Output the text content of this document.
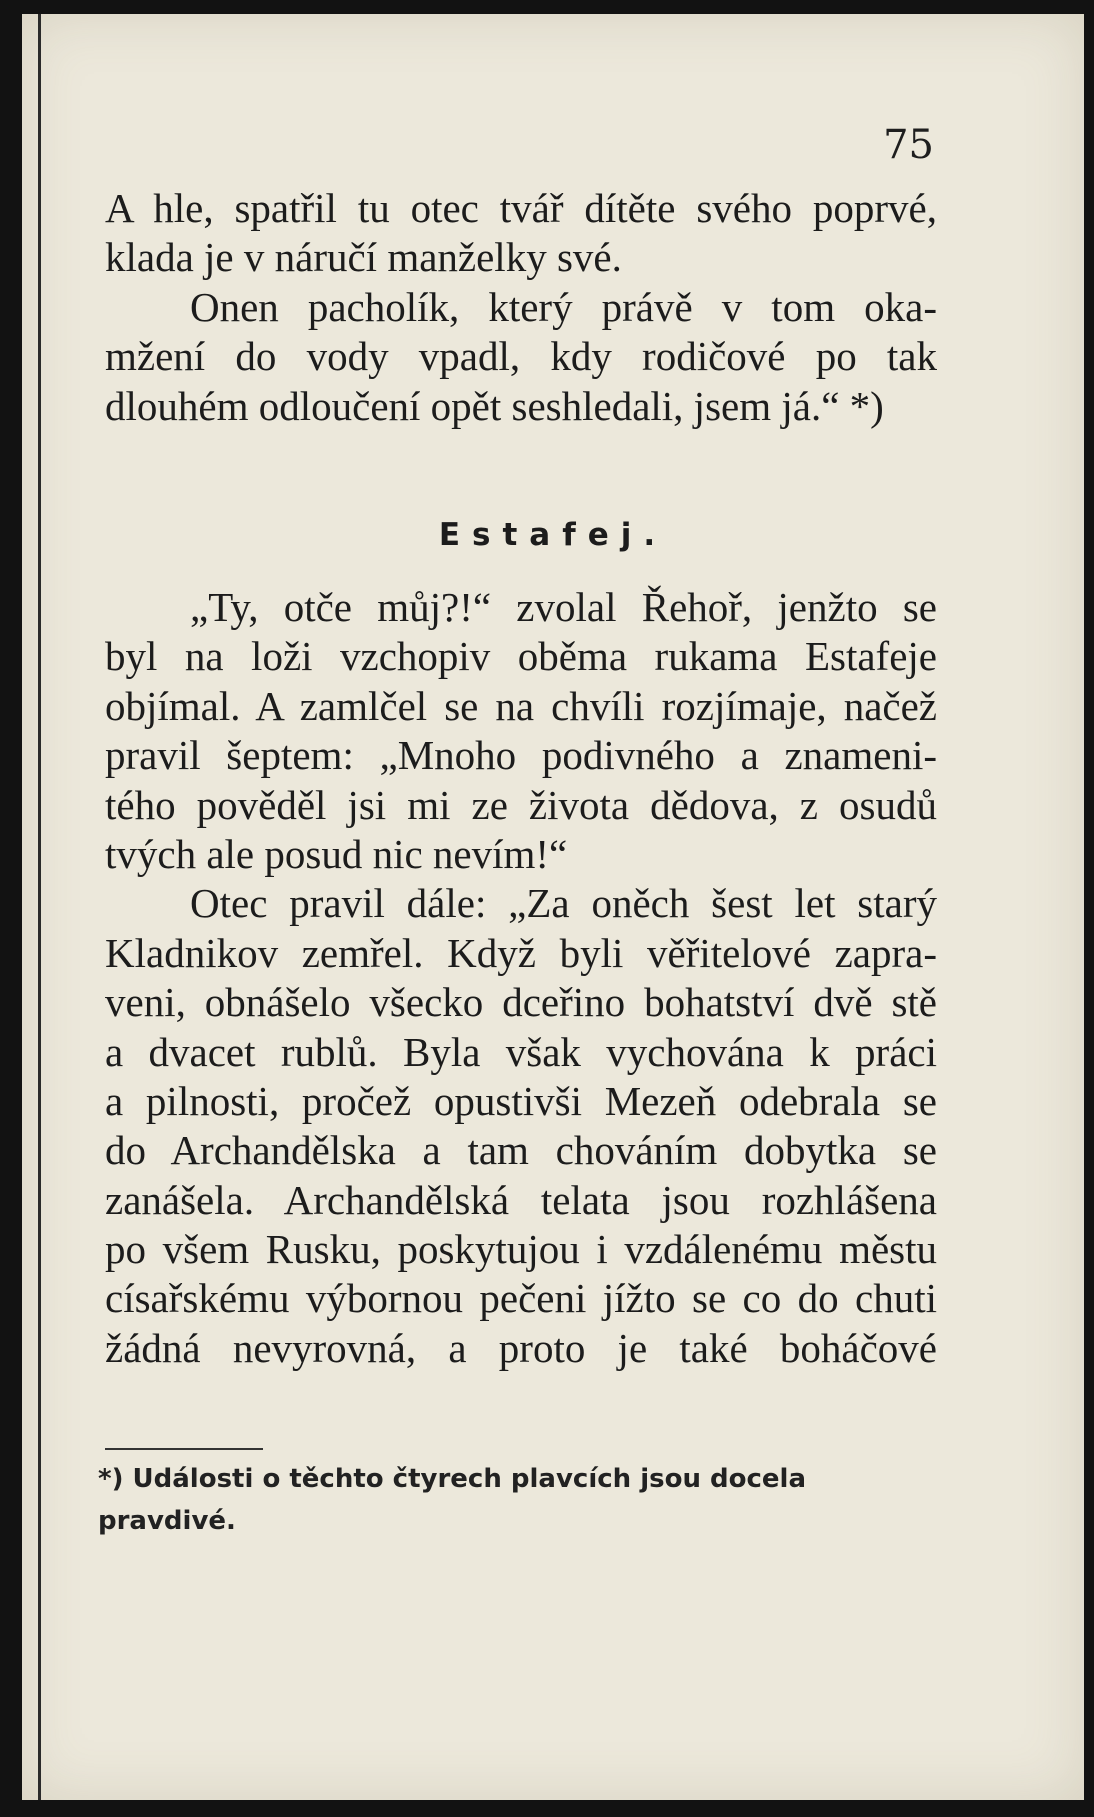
75
A hle, spatřil tu otec tvář dítěte svého poprvé,
klada je v náručí manželky své.
Onen pacholík, který právě v tom oka-
mžení do vody vpadl, kdy rodičové po tak
dlouhém odloučení opět seshledali, jsem já.“ *)
Estafej.
„Ty, otče můj?!“ zvolal Řehoř, jenžto se
byl na loži vzchopiv oběma rukama Estafeje
objímal. A zamlčel se na chvíli rozjímaje, načež
pravil šeptem: „Mnoho podivného a znameni-
tého pověděl jsi mi ze života dědova, z osudů
tvých ale posud nic nevím!“
Otec pravil dále: „Za oněch šest let starý
Kladnikov zemřel. Když byli věřitelové zapra-
veni, obnášelo všecko dceřino bohatství dvě stě
a dvacet rublů. Byla však vychována k práci
a pilnosti, pročež opustivši Mezeň odebrala se
do Archandělska a tam chováním dobytka se
zanášela. Archandělská telata jsou rozhlášena
po všem Rusku, poskytujou i vzdálenému městu
císařskému výbornou pečeni jížto se co do chuti
žádná nevyrovná, a proto je také boháčové
*) Události o těchto čtyrech plavcích jsou docela pravdivé.
